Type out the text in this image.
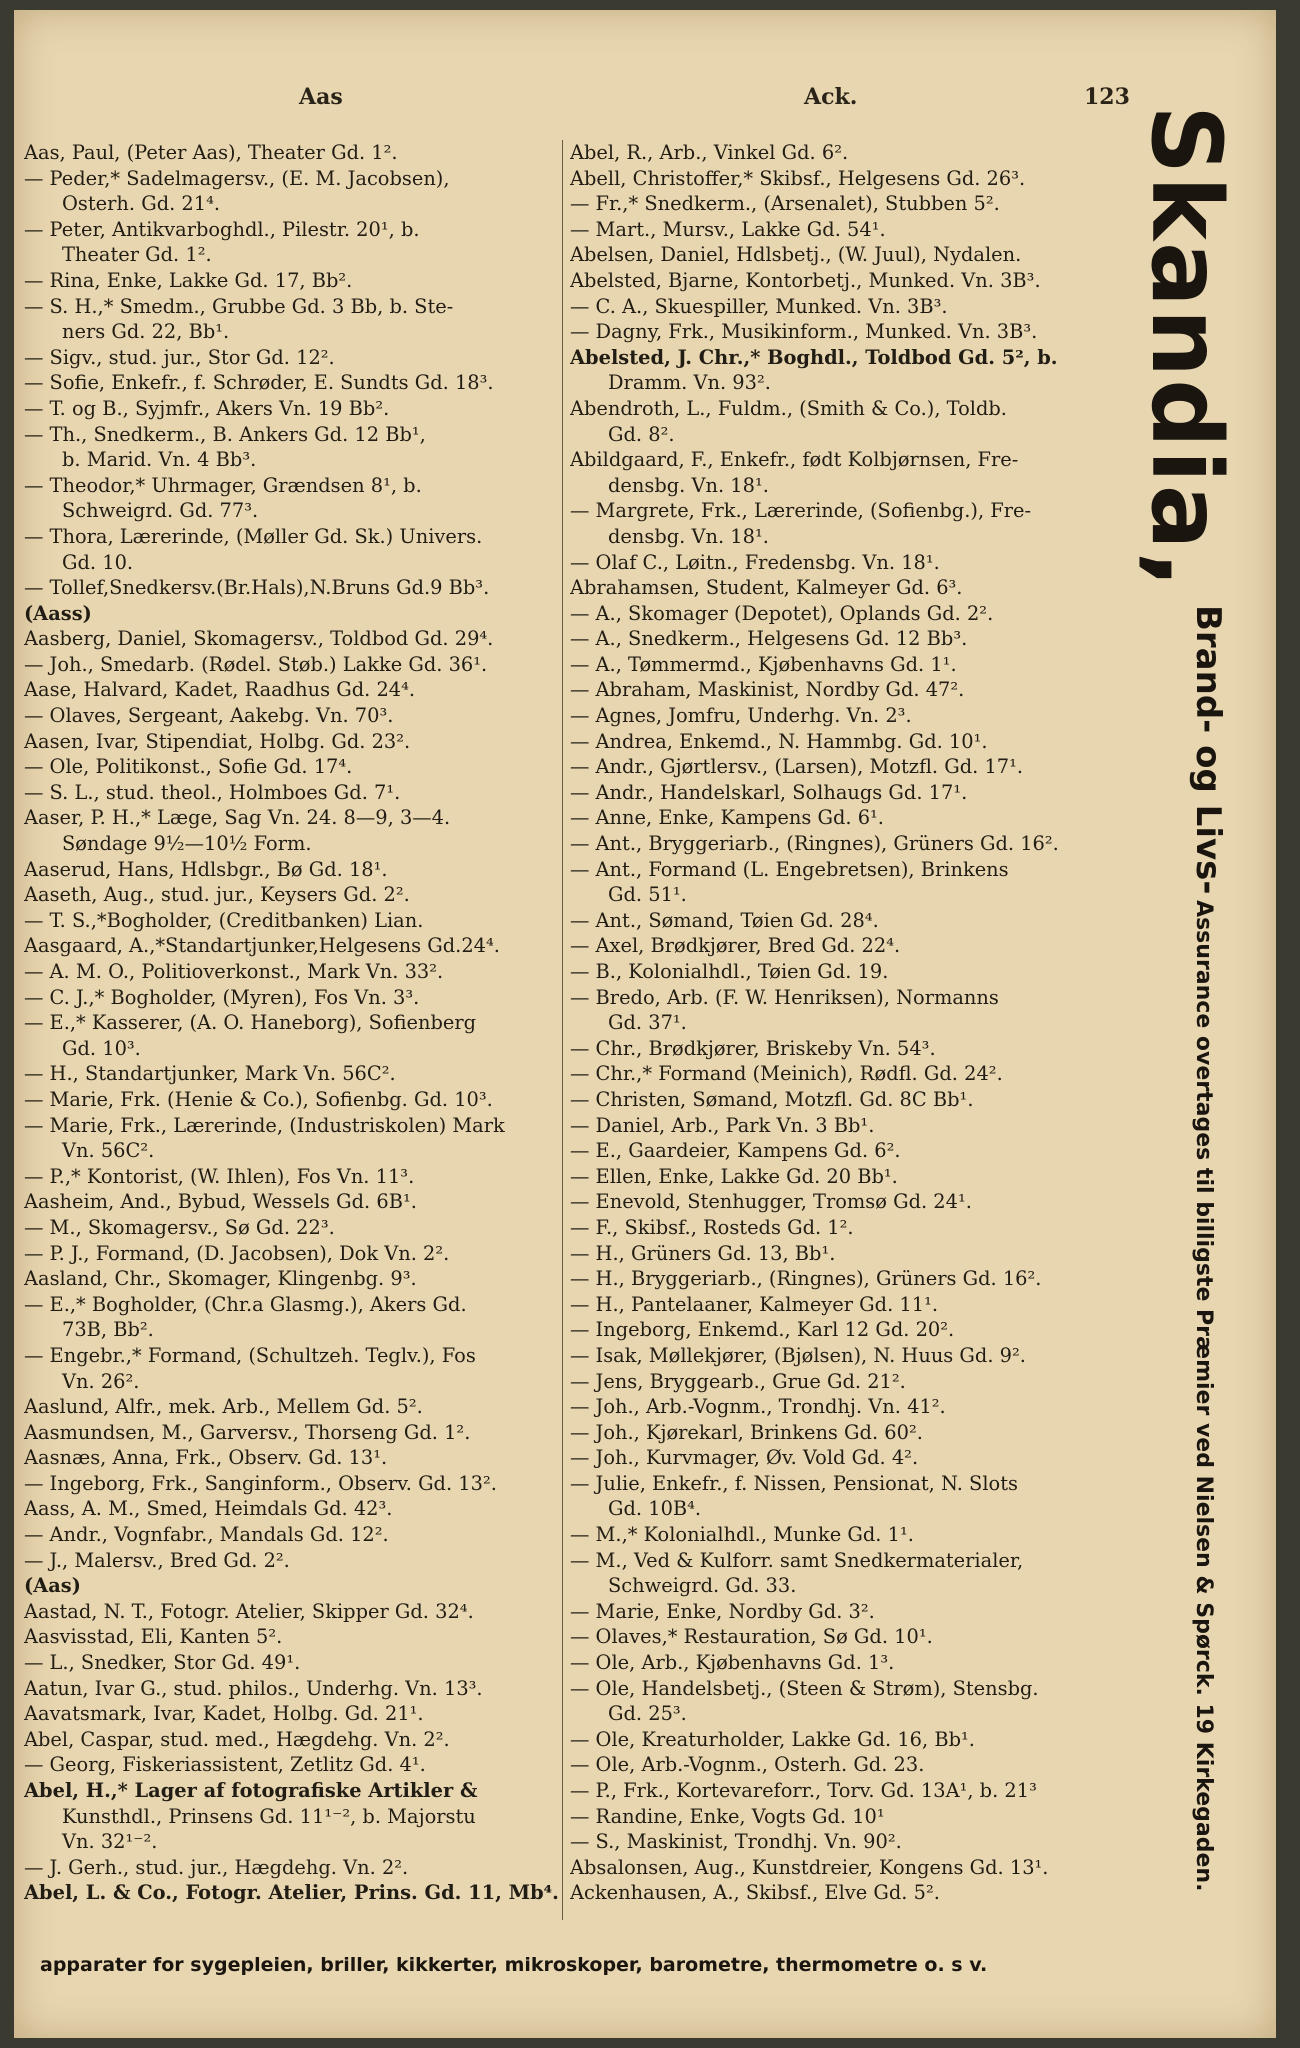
Aas	Ack.	123
Aas, Paul, (Peter Aas), Theater Gd. 1².
— Peder,* Sadelmagersv., (E. M. Jacobsen),
Osterh. Gd. 21⁴.
— Peter, Antikvarboghdl., Pilestr. 20¹, b.
Theater Gd. 1².
— Rina, Enke, Lakke Gd. 17, Bb².
— S. H.,* Smedm., Grubbe Gd. 3 Bb, b. Ste-
ners Gd. 22, Bb¹.
— Sigv., stud. jur., Stor Gd. 12².
— Sofie, Enkefr., f. Schrøder, E. Sundts Gd. 18³.
— T. og B., Syjmfr., Akers Vn. 19 Bb².
— Th., Snedkerm., B. Ankers Gd. 12 Bb¹,
b. Marid. Vn. 4 Bb³.
— Theodor,* Uhrmager, Grændsen 8¹, b.
Schweigrd. Gd. 77³.
— Thora, Lærerinde, (Møller Gd. Sk.) Univers.
Gd. 10.
— Tollef,Snedkersv.(Br.Hals),N.Bruns Gd.9 Bb³.
(Aass)
Aasberg, Daniel, Skomagersv., Toldbod Gd. 29⁴.
— Joh., Smedarb. (Rødel. Støb.) Lakke Gd. 36¹.
Aase, Halvard, Kadet, Raadhus Gd. 24⁴.
— Olaves, Sergeant, Aakebg. Vn. 70³.
Aasen, Ivar, Stipendiat, Holbg. Gd. 23².
— Ole, Politikonst., Sofie Gd. 17⁴.
— S. L., stud. theol., Holmboes Gd. 7¹.
Aaser, P. H.,* Læge, Sag Vn. 24. 8—9, 3—4.
Søndage 9½—10½ Form.
Aaserud, Hans, Hdlsbgr., Bø Gd. 18¹.
Aaseth, Aug., stud. jur., Keysers Gd. 2².
— T. S.,*Bogholder, (Creditbanken) Lian.
Aasgaard, A.,*Standartjunker,Helgesens Gd.24⁴.
— A. M. O., Politioverkonst., Mark Vn. 33².
— C. J.,* Bogholder, (Myren), Fos Vn. 3³.
— E.,* Kasserer, (A. O. Haneborg), Sofienberg
Gd. 10³.
— H., Standartjunker, Mark Vn. 56C².
— Marie, Frk. (Henie & Co.), Sofienbg. Gd. 10³.
— Marie, Frk., Lærerinde, (Industriskolen) Mark
Vn. 56C².
— P.,* Kontorist, (W. Ihlen), Fos Vn. 11³.
Aasheim, And., Bybud, Wessels Gd. 6B¹.
— M., Skomagersv., Sø Gd. 22³.
— P. J., Formand, (D. Jacobsen), Dok Vn. 2².
Aasland, Chr., Skomager, Klingenbg. 9³.
— E.,* Bogholder, (Chr.a Glasmg.), Akers Gd.
73B, Bb².
— Engebr.,* Formand, (Schultzeh. Teglv.), Fos
Vn. 26².
Aaslund, Alfr., mek. Arb., Mellem Gd. 5².
Aasmundsen, M., Garversv., Thorseng Gd. 1².
Aasnæs, Anna, Frk., Observ. Gd. 13¹.
— Ingeborg, Frk., Sanginform., Observ. Gd. 13².
Aass, A. M., Smed, Heimdals Gd. 42³.
— Andr., Vognfabr., Mandals Gd. 12².
— J., Malersv., Bred Gd. 2².
(Aas)
Aastad, N. T., Fotogr. Atelier, Skipper Gd. 32⁴.
Aasvisstad, Eli, Kanten 5².
— L., Snedker, Stor Gd. 49¹.
Aatun, Ivar G., stud. philos., Underhg. Vn. 13³.
Aavatsmark, Ivar, Kadet, Holbg. Gd. 21¹.
Abel, Caspar, stud. med., Hægdehg. Vn. 2².
— Georg, Fiskeriassistent, Zetlitz Gd. 4¹.
Abel, H.,* Lager af fotografiske Artikler &
Kunsthdl., Prinsens Gd. 11¹⁻², b. Majorstu
Vn. 32¹⁻².
— J. Gerh., stud. jur., Hægdehg. Vn. 2².
Abel, L. & Co., Fotogr. Atelier, Prins. Gd. 11, Mb⁴.
Abel, R., Arb., Vinkel Gd. 6².
Abell, Christoffer,* Skibsf., Helgesens Gd. 26³.
— Fr.,* Snedkerm., (Arsenalet), Stubben 5².
— Mart., Mursv., Lakke Gd. 54¹.
Abelsen, Daniel, Hdlsbetj., (W. Juul), Nydalen.
Abelsted, Bjarne, Kontorbetj., Munked. Vn. 3B³.
— C. A., Skuespiller, Munked. Vn. 3B³.
— Dagny, Frk., Musikinform., Munked. Vn. 3B³.
Abelsted, J. Chr.,* Boghdl., Toldbod Gd. 5², b.
Dramm. Vn. 93².
Abendroth, L., Fuldm., (Smith & Co.), Toldb.
Gd. 8².
Abildgaard, F., Enkefr., født Kolbjørnsen, Fre-
densbg. Vn. 18¹.
— Margrete, Frk., Lærerinde, (Sofienbg.), Fre-
densbg. Vn. 18¹.
— Olaf C., Løitn., Fredensbg. Vn. 18¹.
Abrahamsen, Student, Kalmeyer Gd. 6³.
— A., Skomager (Depotet), Oplands Gd. 2².
— A., Snedkerm., Helgesens Gd. 12 Bb³.
— A., Tømmermd., Kjøbenhavns Gd. 1¹.
— Abraham, Maskinist, Nordby Gd. 47².
— Agnes, Jomfru, Underhg. Vn. 2³.
— Andrea, Enkemd., N. Hammbg. Gd. 10¹.
— Andr., Gjørtlersv., (Larsen), Motzfl. Gd. 17¹.
— Andr., Handelskarl, Solhaugs Gd. 17¹.
— Anne, Enke, Kampens Gd. 6¹.
— Ant., Bryggeriarb., (Ringnes), Grüners Gd. 16².
— Ant., Formand (L. Engebretsen), Brinkens
Gd. 51¹.
— Ant., Sømand, Tøien Gd. 28⁴.
— Axel, Brødkjører, Bred Gd. 22⁴.
— B., Kolonialhdl., Tøien Gd. 19.
— Bredo, Arb. (F. W. Henriksen), Normanns
Gd. 37¹.
— Chr., Brødkjører, Briskeby Vn. 54³.
— Chr.,* Formand (Meinich), Rødfl. Gd. 24².
— Christen, Sømand, Motzfl. Gd. 8C Bb¹.
— Daniel, Arb., Park Vn. 3 Bb¹.
— E., Gaardeier, Kampens Gd. 6².
— Ellen, Enke, Lakke Gd. 20 Bb¹.
— Enevold, Stenhugger, Tromsø Gd. 24¹.
— F., Skibsf., Rosteds Gd. 1².
— H., Grüners Gd. 13, Bb¹.
— H., Bryggeriarb., (Ringnes), Grüners Gd. 16².
— H., Pantelaaner, Kalmeyer Gd. 11¹.
— Ingeborg, Enkemd., Karl 12 Gd. 20².
— Isak, Møllekjører, (Bjølsen), N. Huus Gd. 9².
— Jens, Bryggearb., Grue Gd. 21².
— Joh., Arb.-Vognm., Trondhj. Vn. 41².
— Joh., Kjørekarl, Brinkens Gd. 60².
— Joh., Kurvmager, Øv. Vold Gd. 4².
— Julie, Enkefr., f. Nissen, Pensionat, N. Slots
Gd. 10B⁴.
— M.,* Kolonialhdl., Munke Gd. 1¹.
— M., Ved & Kulforr. samt Snedkermaterialer,
Schweigrd. Gd. 33.
— Marie, Enke, Nordby Gd. 3².
— Olaves,* Restauration, Sø Gd. 10¹.
— Ole, Arb., Kjøbenhavns Gd. 1³.
— Ole, Handelsbetj., (Steen & Strøm), Stensbg.
Gd. 25³.
— Ole, Kreaturholder, Lakke Gd. 16, Bb¹.
— Ole, Arb.-Vognm., Osterh. Gd. 23.
— P., Frk., Kortevareforr., Torv. Gd. 13A¹, b. 21³
— Randine, Enke, Vogts Gd. 10¹
— S., Maskinist, Trondhj. Vn. 90².
Absalonsen, Aug., Kunstdreier, Kongens Gd. 13¹.
Ackenhausen, A., Skibsf., Elve Gd. 5².
Skandia,
Brand- og Livs- Assurance overtages til billigste Præmier ved Nielsen & Spørck. 19 Kirkegaden.
apparater for sygepleien, briller, kikkerter, mikroskoper, barometre, thermometre o. s v.
